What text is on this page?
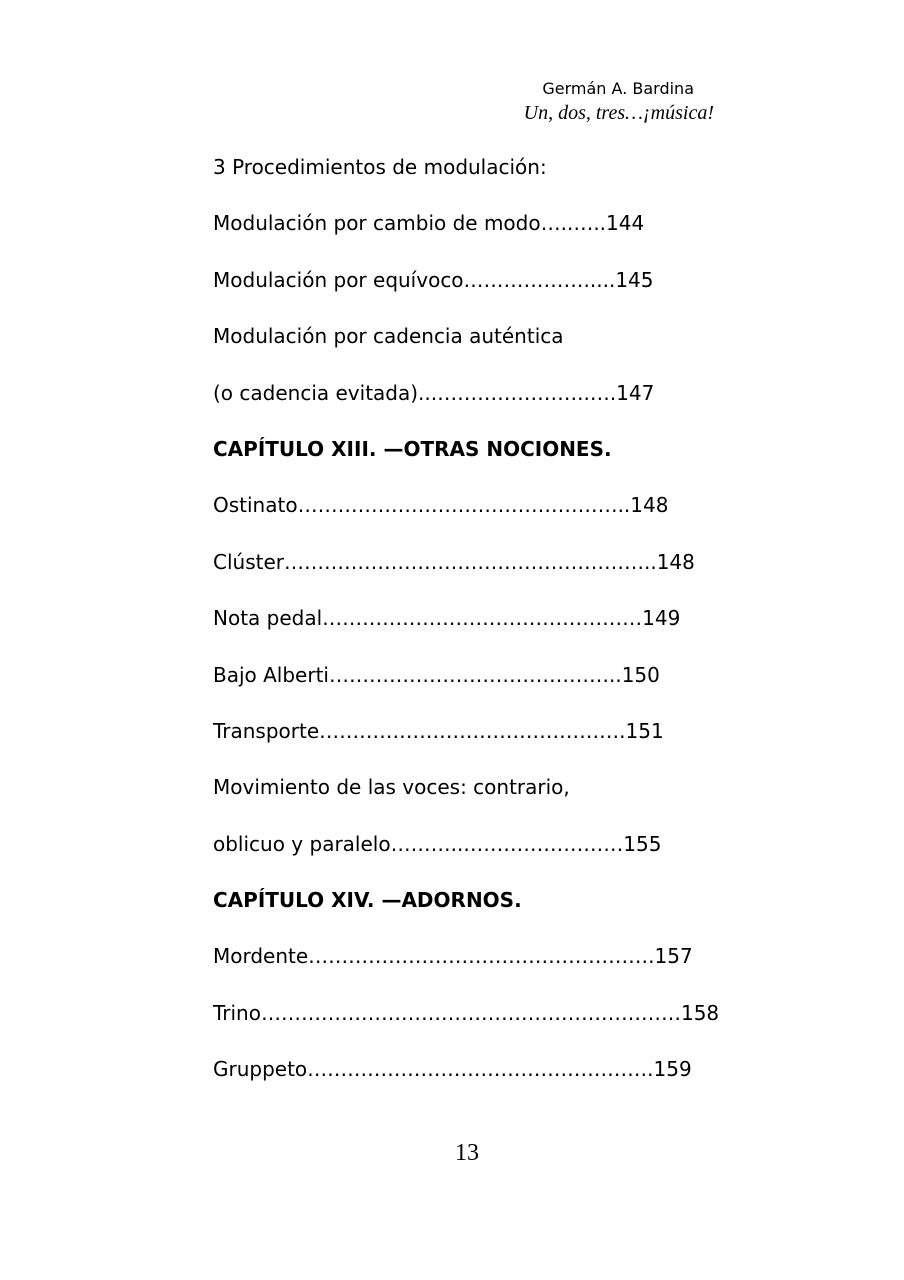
Germán A. Bardina
Un, dos, tres…¡música!
3 Procedimientos de modulación:
Modulación por cambio de modo…..…..144
Modulación por equívoco……………….....145
Modulación por cadencia auténtica
(o cadencia evitada)...…………………..….147
CAPÍTULO XIII. —OTRAS NOCIONES.
Ostinato…………………………………………..148
Clúster………………………………………………..148
Nota pedal…………………………………………149
Bajo Alberti……………………………………..150
Transporte……………………………………….151
Movimiento de las voces: contrario,
oblicuo y paralelo………..……………………155
CAPÍTULO XIV. —ADORNOS.
Mordente…………………………………………….157
Trino………………………………………………………158
Gruppeto…………………………………………….159
13
